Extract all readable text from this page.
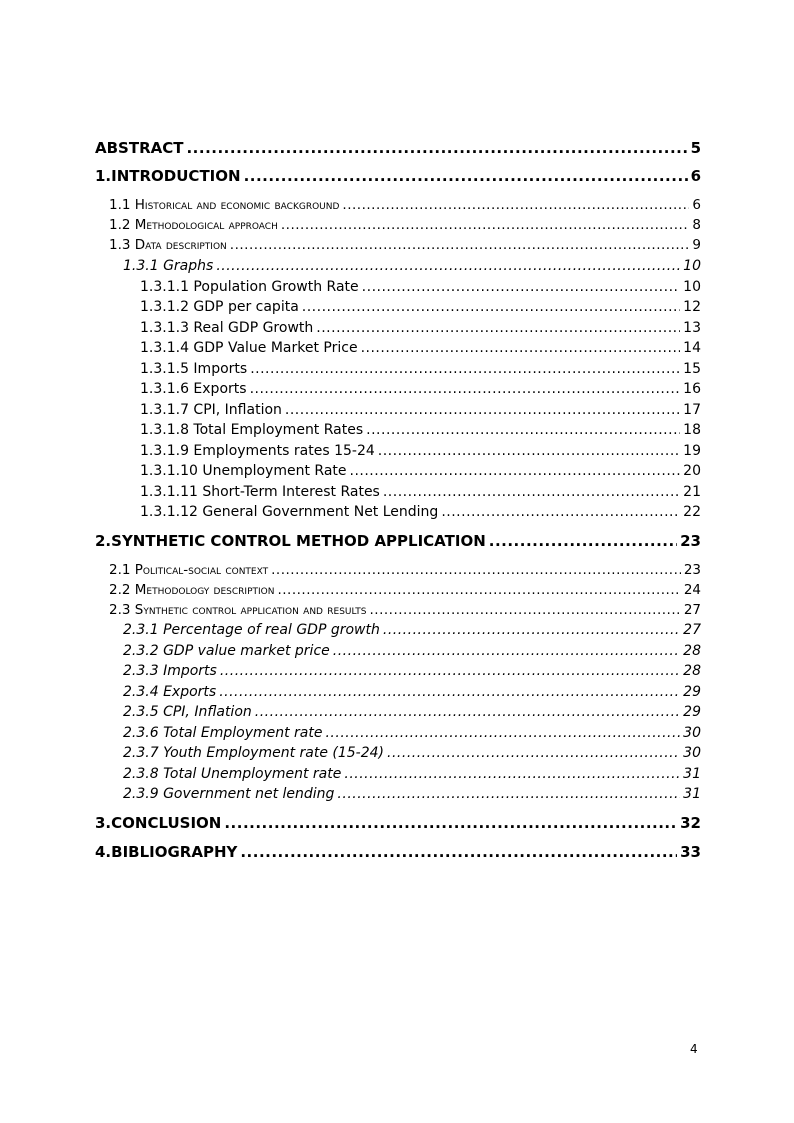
ABSTRACT .....	5
1.INTRODUCTION .....	6
1.1 Historical and economic background .....	6
1.2 Methodological approach .....	8
1.3 Data description .....	9
1.3.1 Graphs .....	10
1.3.1.1 Population Growth Rate .....	10
1.3.1.2 GDP per capita .....	12
1.3.1.3 Real GDP Growth .....	13
1.3.1.4 GDP Value Market Price .....	14
1.3.1.5 Imports .....	15
1.3.1.6 Exports .....	16
1.3.1.7 CPI, Inflation .....	17
1.3.1.8 Total Employment Rates .....	18
1.3.1.9 Employments rates 15-24 .....	19
1.3.1.10 Unemployment Rate .....	20
1.3.1.11 Short-Term Interest Rates .....	21
1.3.1.12 General Government Net Lending .....	22
2.SYNTHETIC CONTROL METHOD APPLICATION .....	23
2.1 Political-social context .....	23
2.2 Methodology description .....	24
2.3 Synthetic control application and results .....	27
2.3.1 Percentage of real GDP growth .....	27
2.3.2 GDP value market price .....	28
2.3.3 Imports .....	28
2.3.4 Exports .....	29
2.3.5 CPI, Inflation .....	29
2.3.6 Total Employment rate .....	30
2.3.7 Youth Employment rate (15-24) .....	30
2.3.8 Total Unemployment rate .....	31
2.3.9 Government net lending .....	31
3.CONCLUSION .....	32
4.BIBLIOGRAPHY .....	33
4
